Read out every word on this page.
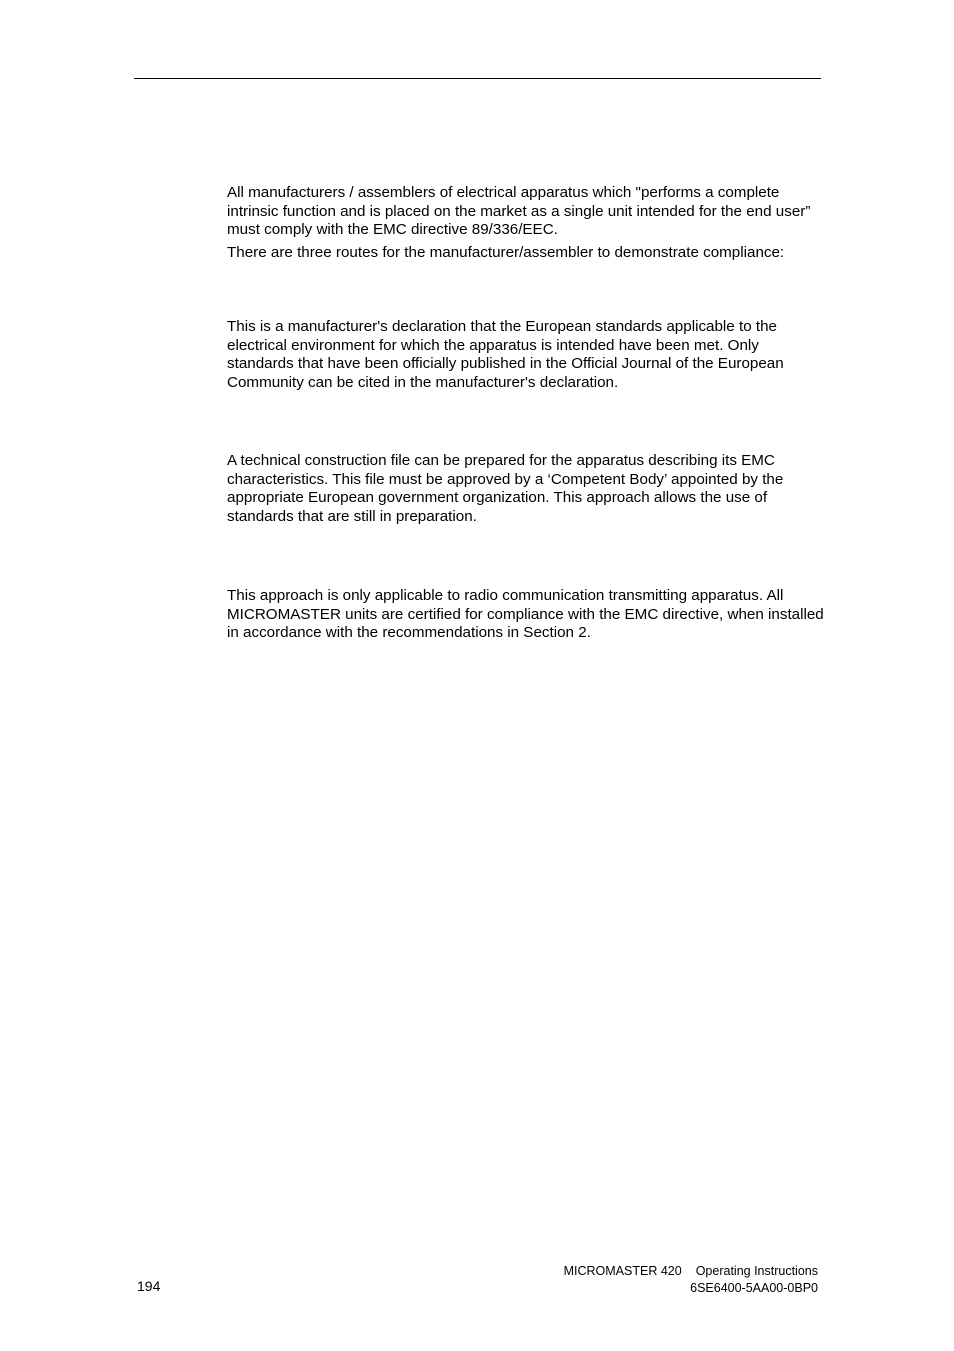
All manufacturers / assemblers of electrical apparatus which "performs a complete intrinsic function and is placed on the market as a single unit intended for the end user” must comply with the EMC directive 89/336/EEC.

There are three routes for the manufacturer/assembler to demonstrate compliance:

This is a manufacturer's declaration that the European standards applicable to the electrical environment for which the apparatus is intended have been met. Only standards that have been officially published in the Official Journal of the European Community can be cited in the manufacturer's declaration.

A technical construction file can be prepared for the apparatus describing its EMC characteristics. This file must be approved by a ‘Competent Body’ appointed by the appropriate European government organization. This approach allows the use of standards that are still in preparation.

This approach is only applicable to radio communication transmitting apparatus. All MICROMASTER units are certified for compliance with the EMC directive, when installed in accordance with the recommendations in Section 2.

194
MICROMASTER 420 Operating Instructions
6SE6400-5AA00-0BP0
